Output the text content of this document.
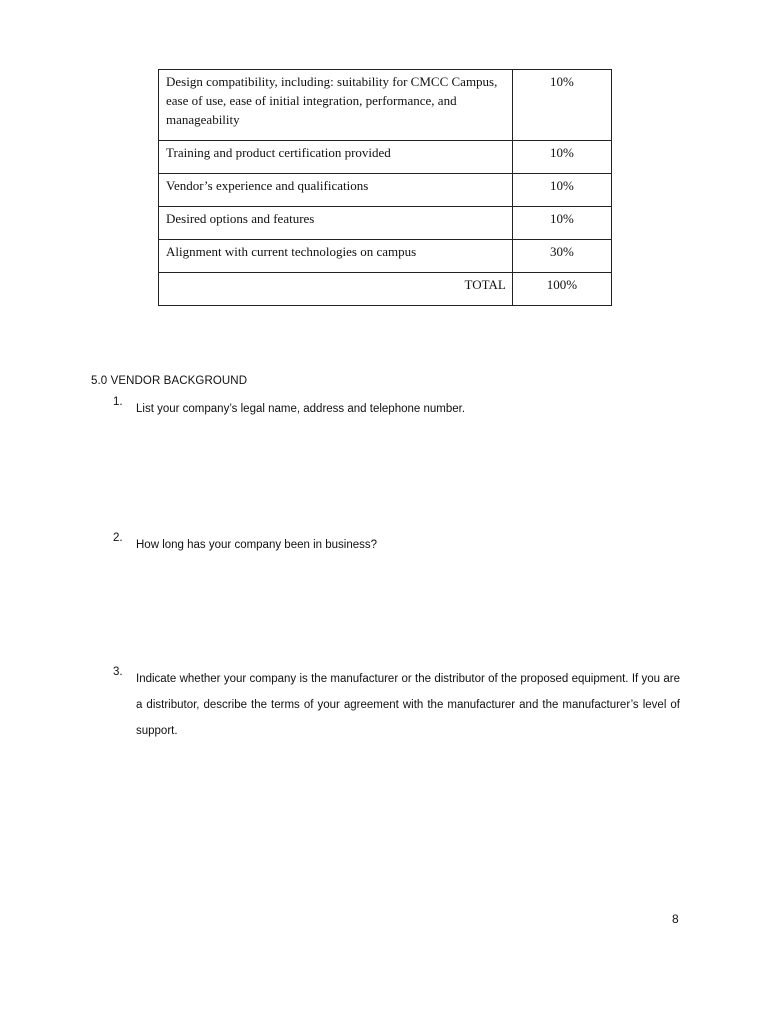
Design compatibility, including: suitability for CMCC Campus, ease of use, ease of initial integration, performance, and manageability	10%
Training and product certification provided	10%
Vendor’s experience and qualifications	10%
Desired options and features	10%
Alignment with current technologies on campus	30%
TOTAL	100%
5.0 VENDOR BACKGROUND
1.
List your company’s legal name, address and telephone number.
2.
How long has your company been in business?
3.
Indicate whether your company is the manufacturer or the distributor of the proposed equipment. If you are a distributor, describe the terms of your agreement with the manufacturer and the manufacturer’s level of support.
8
